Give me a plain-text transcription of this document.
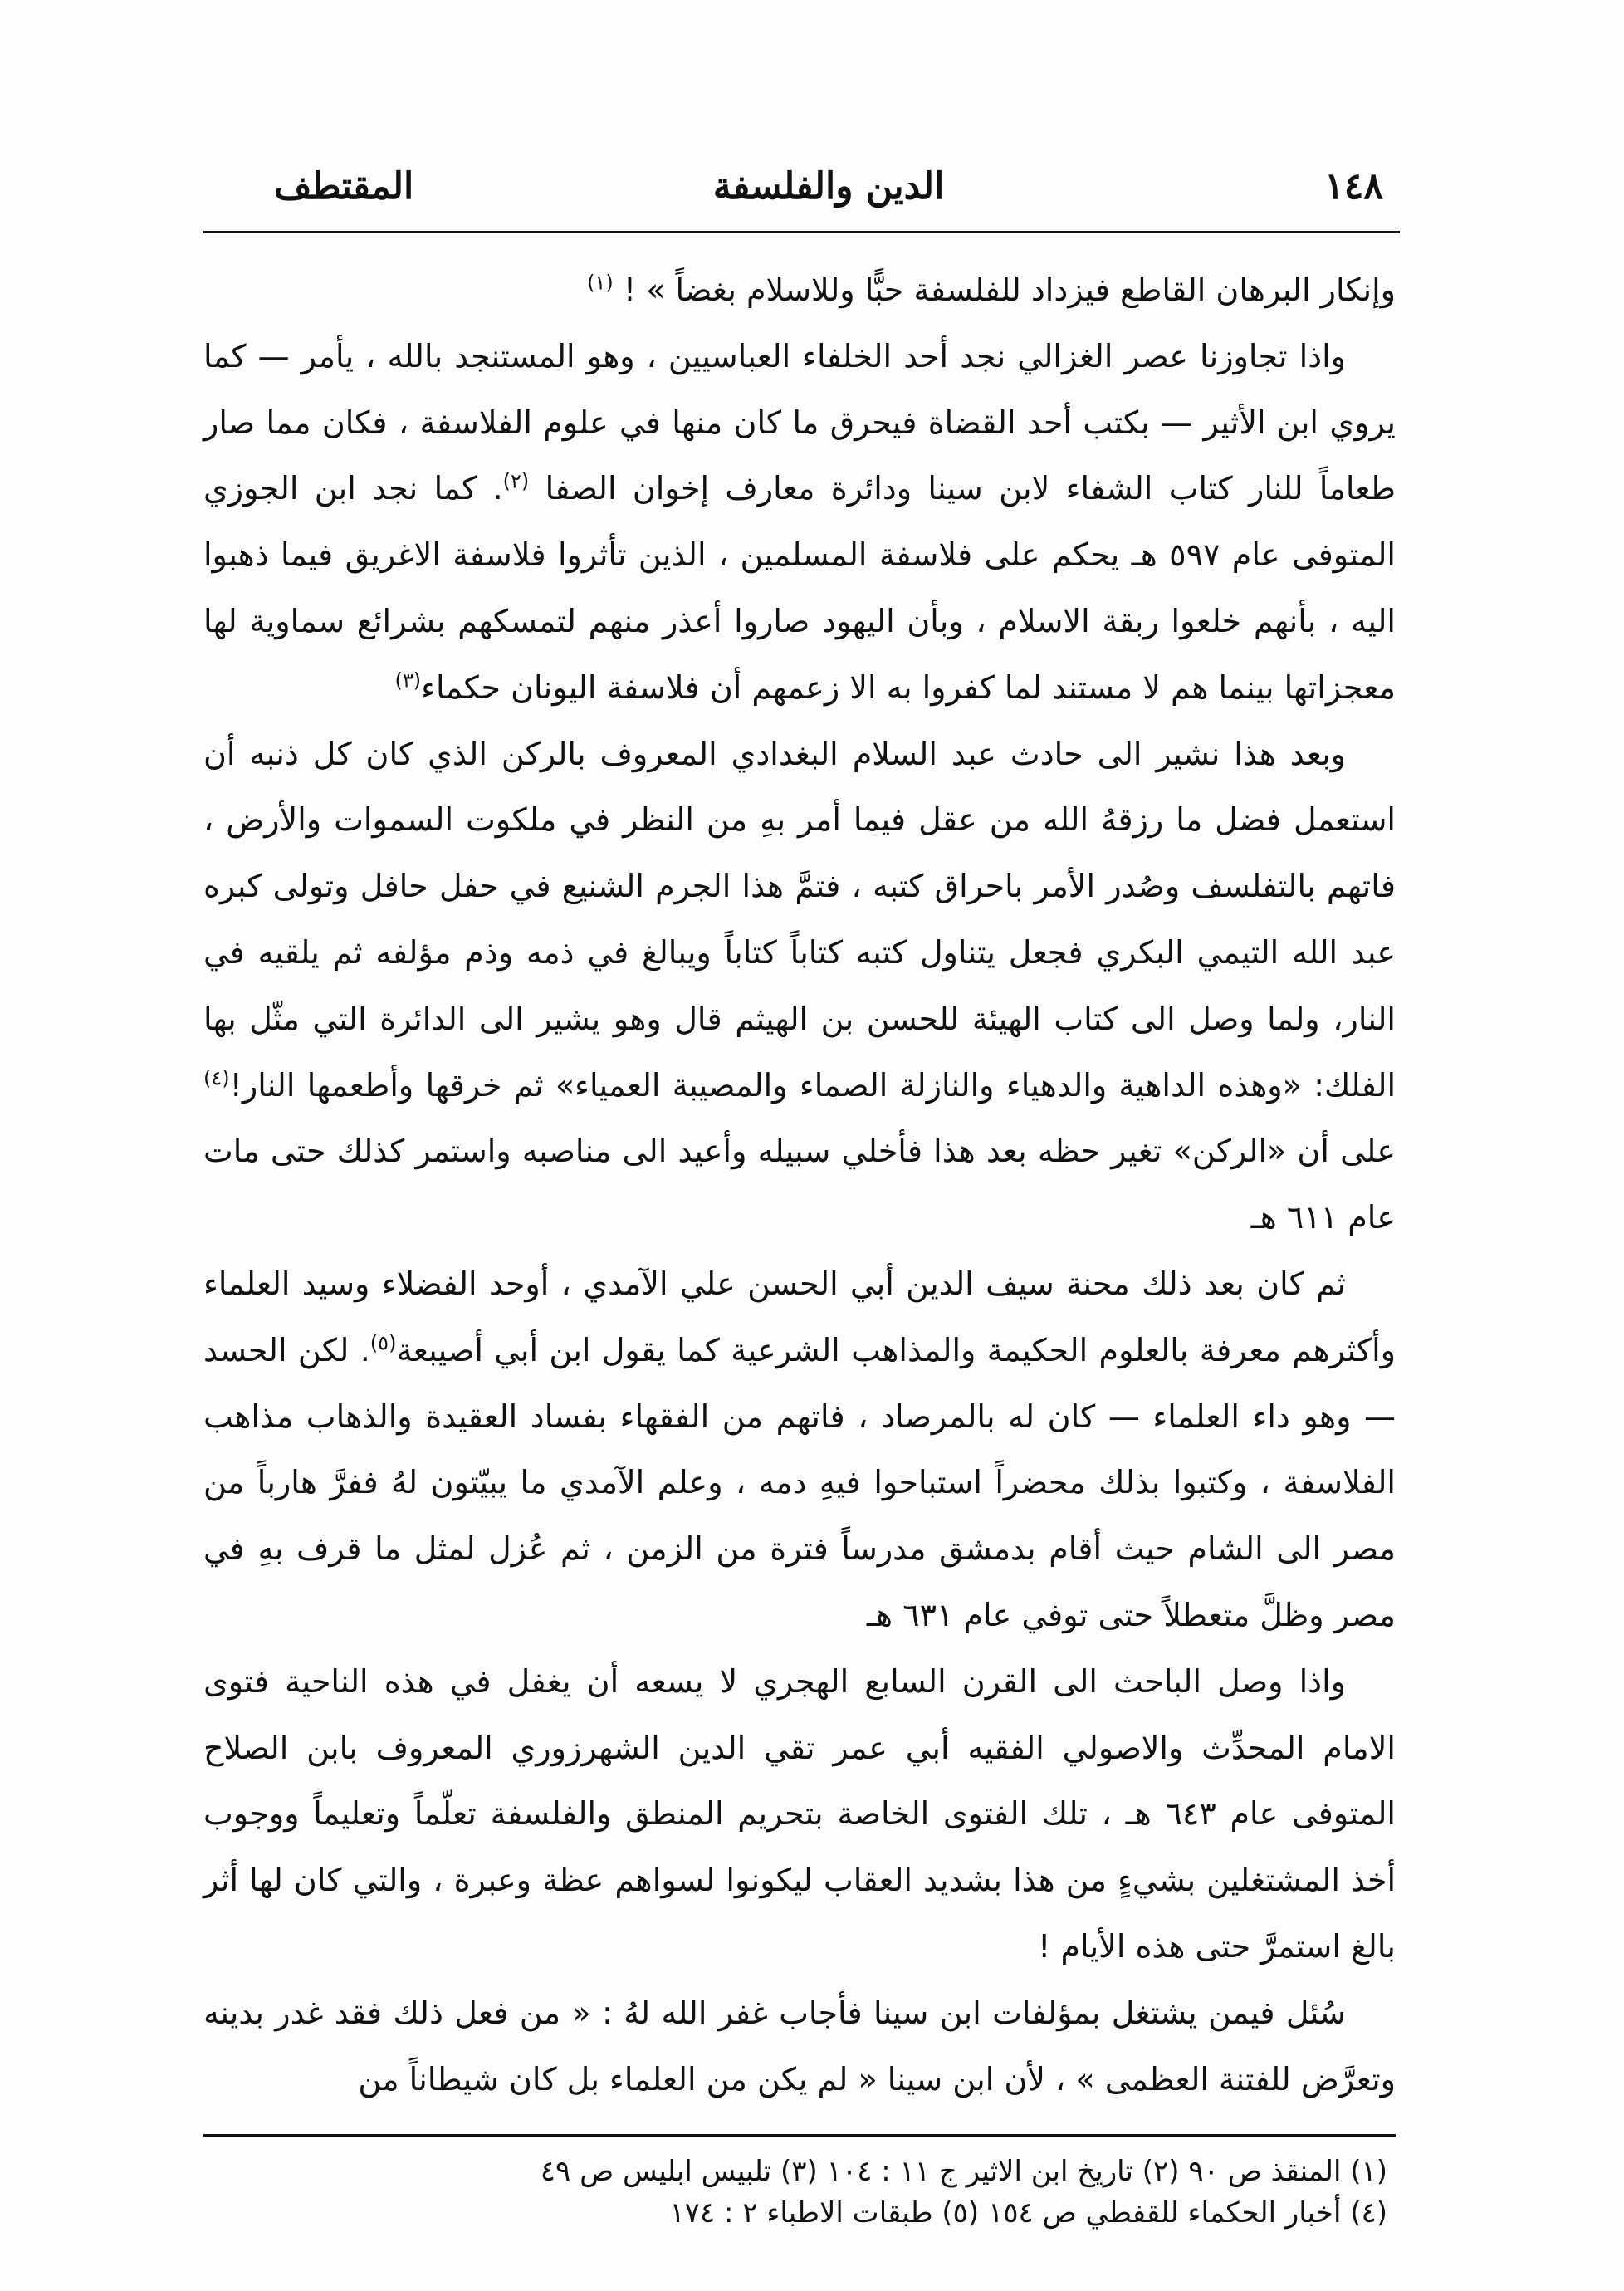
١٤٨
الدين والفلسفة
المقتطف

وإنكار البرهان القاطع فيزداد للفلسفة حبًّا وللاسلام بغضاً » ! $^{(١)}$

واذا تجاوزنا عصر الغزالي نجد أحد الخلفاء العباسيين ، وهو المستنجد بالله ، يأمر — كما يروي ابن الأثير — بكتب أحد القضاة فيحرق ما كان منها في علوم الفلاسفة ، فكان مما صار طعاماً للنار كتاب الشفاء لابن سينا ودائرة معارف إخوان الصفا $^{(٢)}$. كما نجد ابن الجوزي المتوفى عام ٥٩٧ هـ يحكم على فلاسفة المسلمين ، الذين تأثروا فلاسفة الاغريق فيما ذهبوا اليه ، بأنهم خلعوا ربقة الاسلام ، وبأن اليهود صاروا أعذر منهم لتمسكهم بشرائع سماوية لها معجزاتها بينما هم لا مستند لما كفروا به الا زعمهم أن فلاسفة اليونان حكماء$^{(٣)}$

وبعد هذا نشير الى حادث عبد السلام البغدادي المعروف بالركن الذي كان كل ذنبه أن استعمل فضل ما رزقهُ الله من عقل فيما أمر بهِ من النظر في ملكوت السموات والأرض ، فاتهم بالتفلسف وصُدر الأمر باحراق كتبه ، فتمَّ هذا الجرم الشنيع في حفل حافل وتولى كبره عبد الله التيمي البكري فجعل يتناول كتبه كتاباً كتاباً ويبالغ في ذمه وذم مؤلفه ثم يلقيه في النار، ولما وصل الى كتاب الهيئة للحسن بن الهيثم قال وهو يشير الى الدائرة التي مثّل بها الفلك: «وهذه الداهية والدهياء والنازلة الصماء والمصيبة العمياء» ثم خرقها وأطعمها النار!$^{(٤)}$ على أن «الركن» تغير حظه بعد هذا فأخلي سبيله وأعيد الى مناصبه واستمر كذلك حتى مات عام ٦١١ هـ

ثم كان بعد ذلك محنة سيف الدين أبي الحسن علي الآمدي ، أوحد الفضلاء وسيد العلماء وأكثرهم معرفة بالعلوم الحكيمة والمذاهب الشرعية كما يقول ابن أبي أصيبعة$^{(٥)}$. لكن الحسد — وهو داء العلماء — كان له بالمرصاد ، فاتهم من الفقهاء بفساد العقيدة والذهاب مذاهب الفلاسفة ، وكتبوا بذلك محضراً استباحوا فيهِ دمه ، وعلم الآمدي ما يبيّتون لهُ ففرَّ هارباً من مصر الى الشام حيث أقام بدمشق مدرساً فترة من الزمن ، ثم عُزل لمثل ما قرف بهِ في مصر وظلَّ متعطلاً حتى توفي عام ٦٣١ هـ

واذا وصل الباحث الى القرن السابع الهجري لا يسعه أن يغفل في هذه الناحية فتوى الامام المحدِّث والاصولي الفقيه أبي عمر تقي الدين الشهرزوري المعروف بابن الصلاح المتوفى عام ٦٤٣ هـ ، تلك الفتوى الخاصة بتحريم المنطق والفلسفة تعلّماً وتعليماً ووجوب أخذ المشتغلين بشيءٍ من هذا بشديد العقاب ليكونوا لسواهم عظة وعبرة ، والتي كان لها أثر بالغ استمرَّ حتى هذه الأيام !

سُئل فيمن يشتغل بمؤلفات ابن سينا فأجاب غفر الله لهُ : « من فعل ذلك فقد غدر بدينه وتعرَّض للفتنة العظمى » ، لأن ابن سينا « لم يكن من العلماء بل كان شيطاناً من

(١) المنقذ ص ٩٠ (٢) تاريخ ابن الاثير ج ١١ : ١٠٤ (٣) تلبيس ابليس ص ٤٩
(٤) أخبار الحكماء للقفطي ص ١٥٤ (٥) طبقات الاطباء ٢ : ١٧٤
